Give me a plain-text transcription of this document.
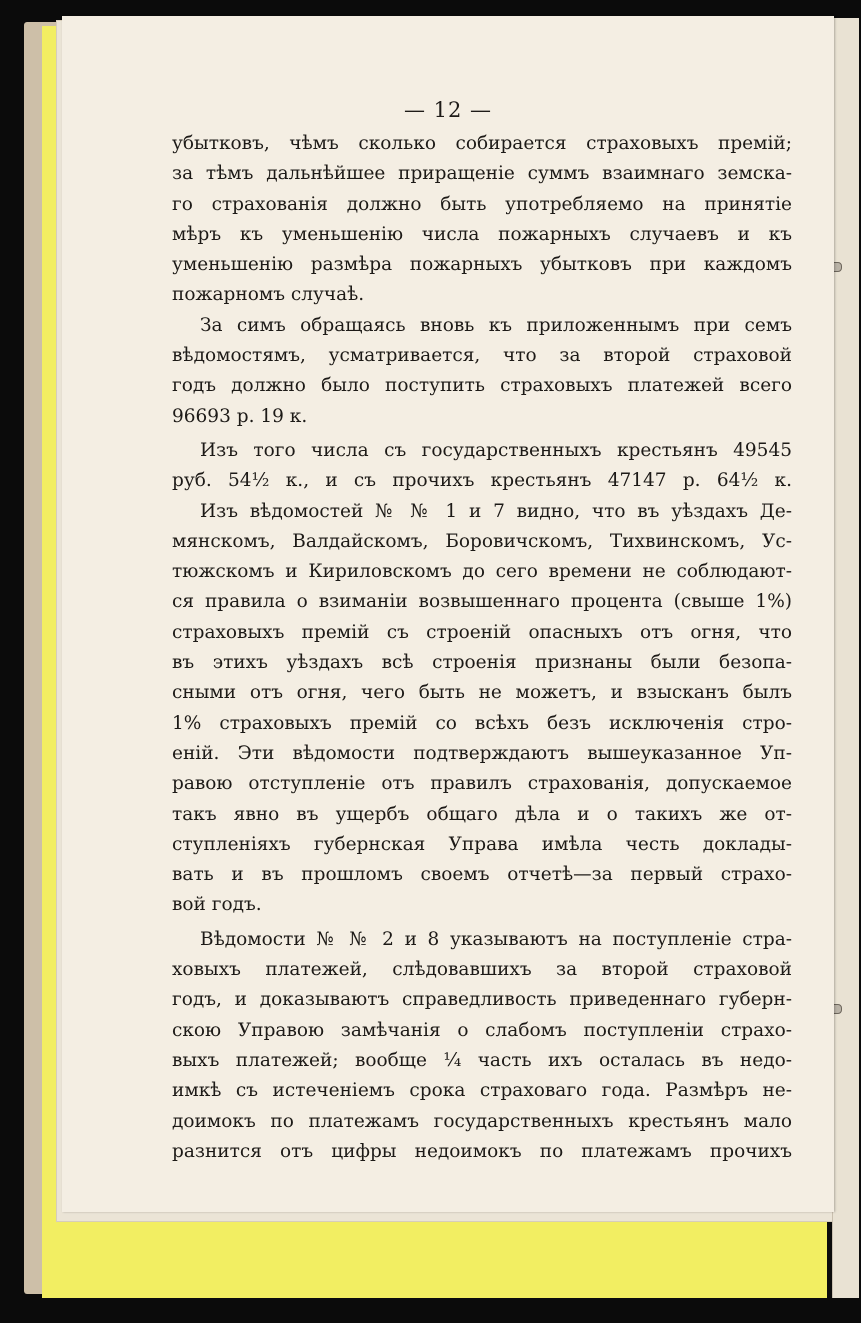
— 12 —
убытковъ, чѣмъ сколько собирается страховыхъ премій;
за тѣмъ дальнѣйшее приращеніе суммъ взаимнаго земска-
го страхованія должно быть употребляемо на принятіе
мѣръ къ уменьшенію числа пожарныхъ случаевъ и къ
уменьшенію размѣра пожарныхъ убытковъ при каждомъ
пожарномъ случаѣ.
За симъ обращаясь вновь къ приложеннымъ при семъ
вѣдомостямъ, усматривается, что за второй страховой
годъ должно было поступить страховыхъ платежей всего
96693 р. 19 к.
Изъ того числа съ государственныхъ крестьянъ 49545
руб. 54½ к., и съ прочихъ крестьянъ 47147 р. 64½ к.
Изъ вѣдомостей № № 1 и 7 видно, что въ уѣздахъ Де-
мянскомъ, Валдайскомъ, Боровичскомъ, Тихвинскомъ, Ус-
тюжскомъ и Кириловскомъ до сего времени не соблюдают-
ся правила о взиманіи возвышеннаго процента (свыше 1%)
страховыхъ премій съ строеній опасныхъ отъ огня, что
въ этихъ уѣздахъ всѣ строенія признаны были безопа-
сными отъ огня, чего быть не можетъ, и взысканъ былъ
1% страховыхъ премій со всѣхъ безъ исключенія стро-
еній. Эти вѣдомости подтверждаютъ вышеуказанное Уп-
равою отступленіе отъ правилъ страхованія, допускаемое
такъ явно въ ущербъ общаго дѣла и о такихъ же от-
ступленіяхъ губернская Управа имѣла честь доклады-
вать и въ прошломъ своемъ отчетѣ—за первый страхо-
вой годъ.
Вѣдомости № № 2 и 8 указываютъ на поступленіе стра-
ховыхъ платежей, слѣдовавшихъ за второй страховой
годъ, и доказываютъ справедливость приведеннаго губерн-
скою Управою замѣчанія о слабомъ поступленіи страхо-
выхъ платежей; вообще ¼ часть ихъ осталась въ недо-
имкѣ съ истеченіемъ срока страховаго года. Размѣръ не-
доимокъ по платежамъ государственныхъ крестьянъ мало
разнится отъ цифры недоимокъ по платежамъ прочихъ
